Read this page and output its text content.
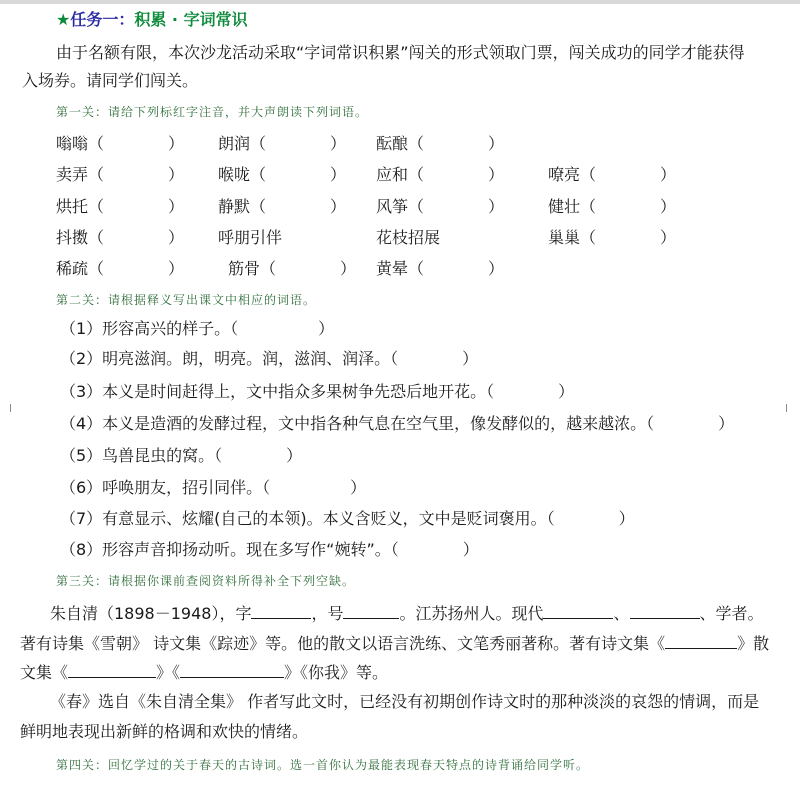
★任务一：积累 · 字词常识
由于名额有限，本次沙龙活动采取“字词常识积累”闯关的形式领取门票，闯关成功的同学才能获得
入场券。请同学们闯关。
第一关：请给下列标红字注音，并大声朗读下列词语。
嗡嗡（　　　　） 朗润（　　　　） 酝酿（　　　　）
卖弄（　　　　） 喉咙（　　　　） 应和（　　　　）	嘹亮（　　　　）
烘托（　　　　） 静默（　　　　） 风筝（　　　　）	健壮（　　　　）
抖擞（　　　　） 呼朋引伴	花枝招展	巢巢（　　　　）
稀疏（　　　　）	筋骨（　　　　） 黄晕（　　　　）
第二关：请根据释义写出课文中相应的词语。
（1）形容高兴的样子。（　　　　　）
（2）明亮滋润。朗，明亮。润，滋润、润泽。（　　　　）
（3）本义是时间赶得上，文中指众多果树争先恐后地开花。（　　　　）
（4）本义是造酒的发酵过程，文中指各种气息在空气里，像发酵似的，越来越浓。（　　　　）
（5）鸟兽昆虫的窝。（　　　　）
（6）呼唤朋友，招引同伴。（　　　　　）
（7）有意显示、炫耀(自己的本领)。本义含贬义，文中是贬词褒用。（　　　　）
（8）形容声音抑扬动听。现在多写作“婉转”。（　　　　）
第三关：请根据你课前查阅资料所得补全下列空缺。
朱自清（1898－1948），字	，号	。江苏扬州人。现代	、	、学者。
著有诗集《雪朝》 诗文集《踪迹》等。他的散文以语言洗练、文笔秀丽著称。著有诗文集《	》散
文集《	》《	》《你我》等。
《春》选自《朱自清全集》 作者写此文时，已经没有初期创作诗文时的那种淡淡的哀怨的情调，而是
鲜明地表现出新鲜的格调和欢快的情绪。
第四关：回忆学过的关于春天的古诗词。选一首你认为最能表现春天特点的诗背诵给同学听。
